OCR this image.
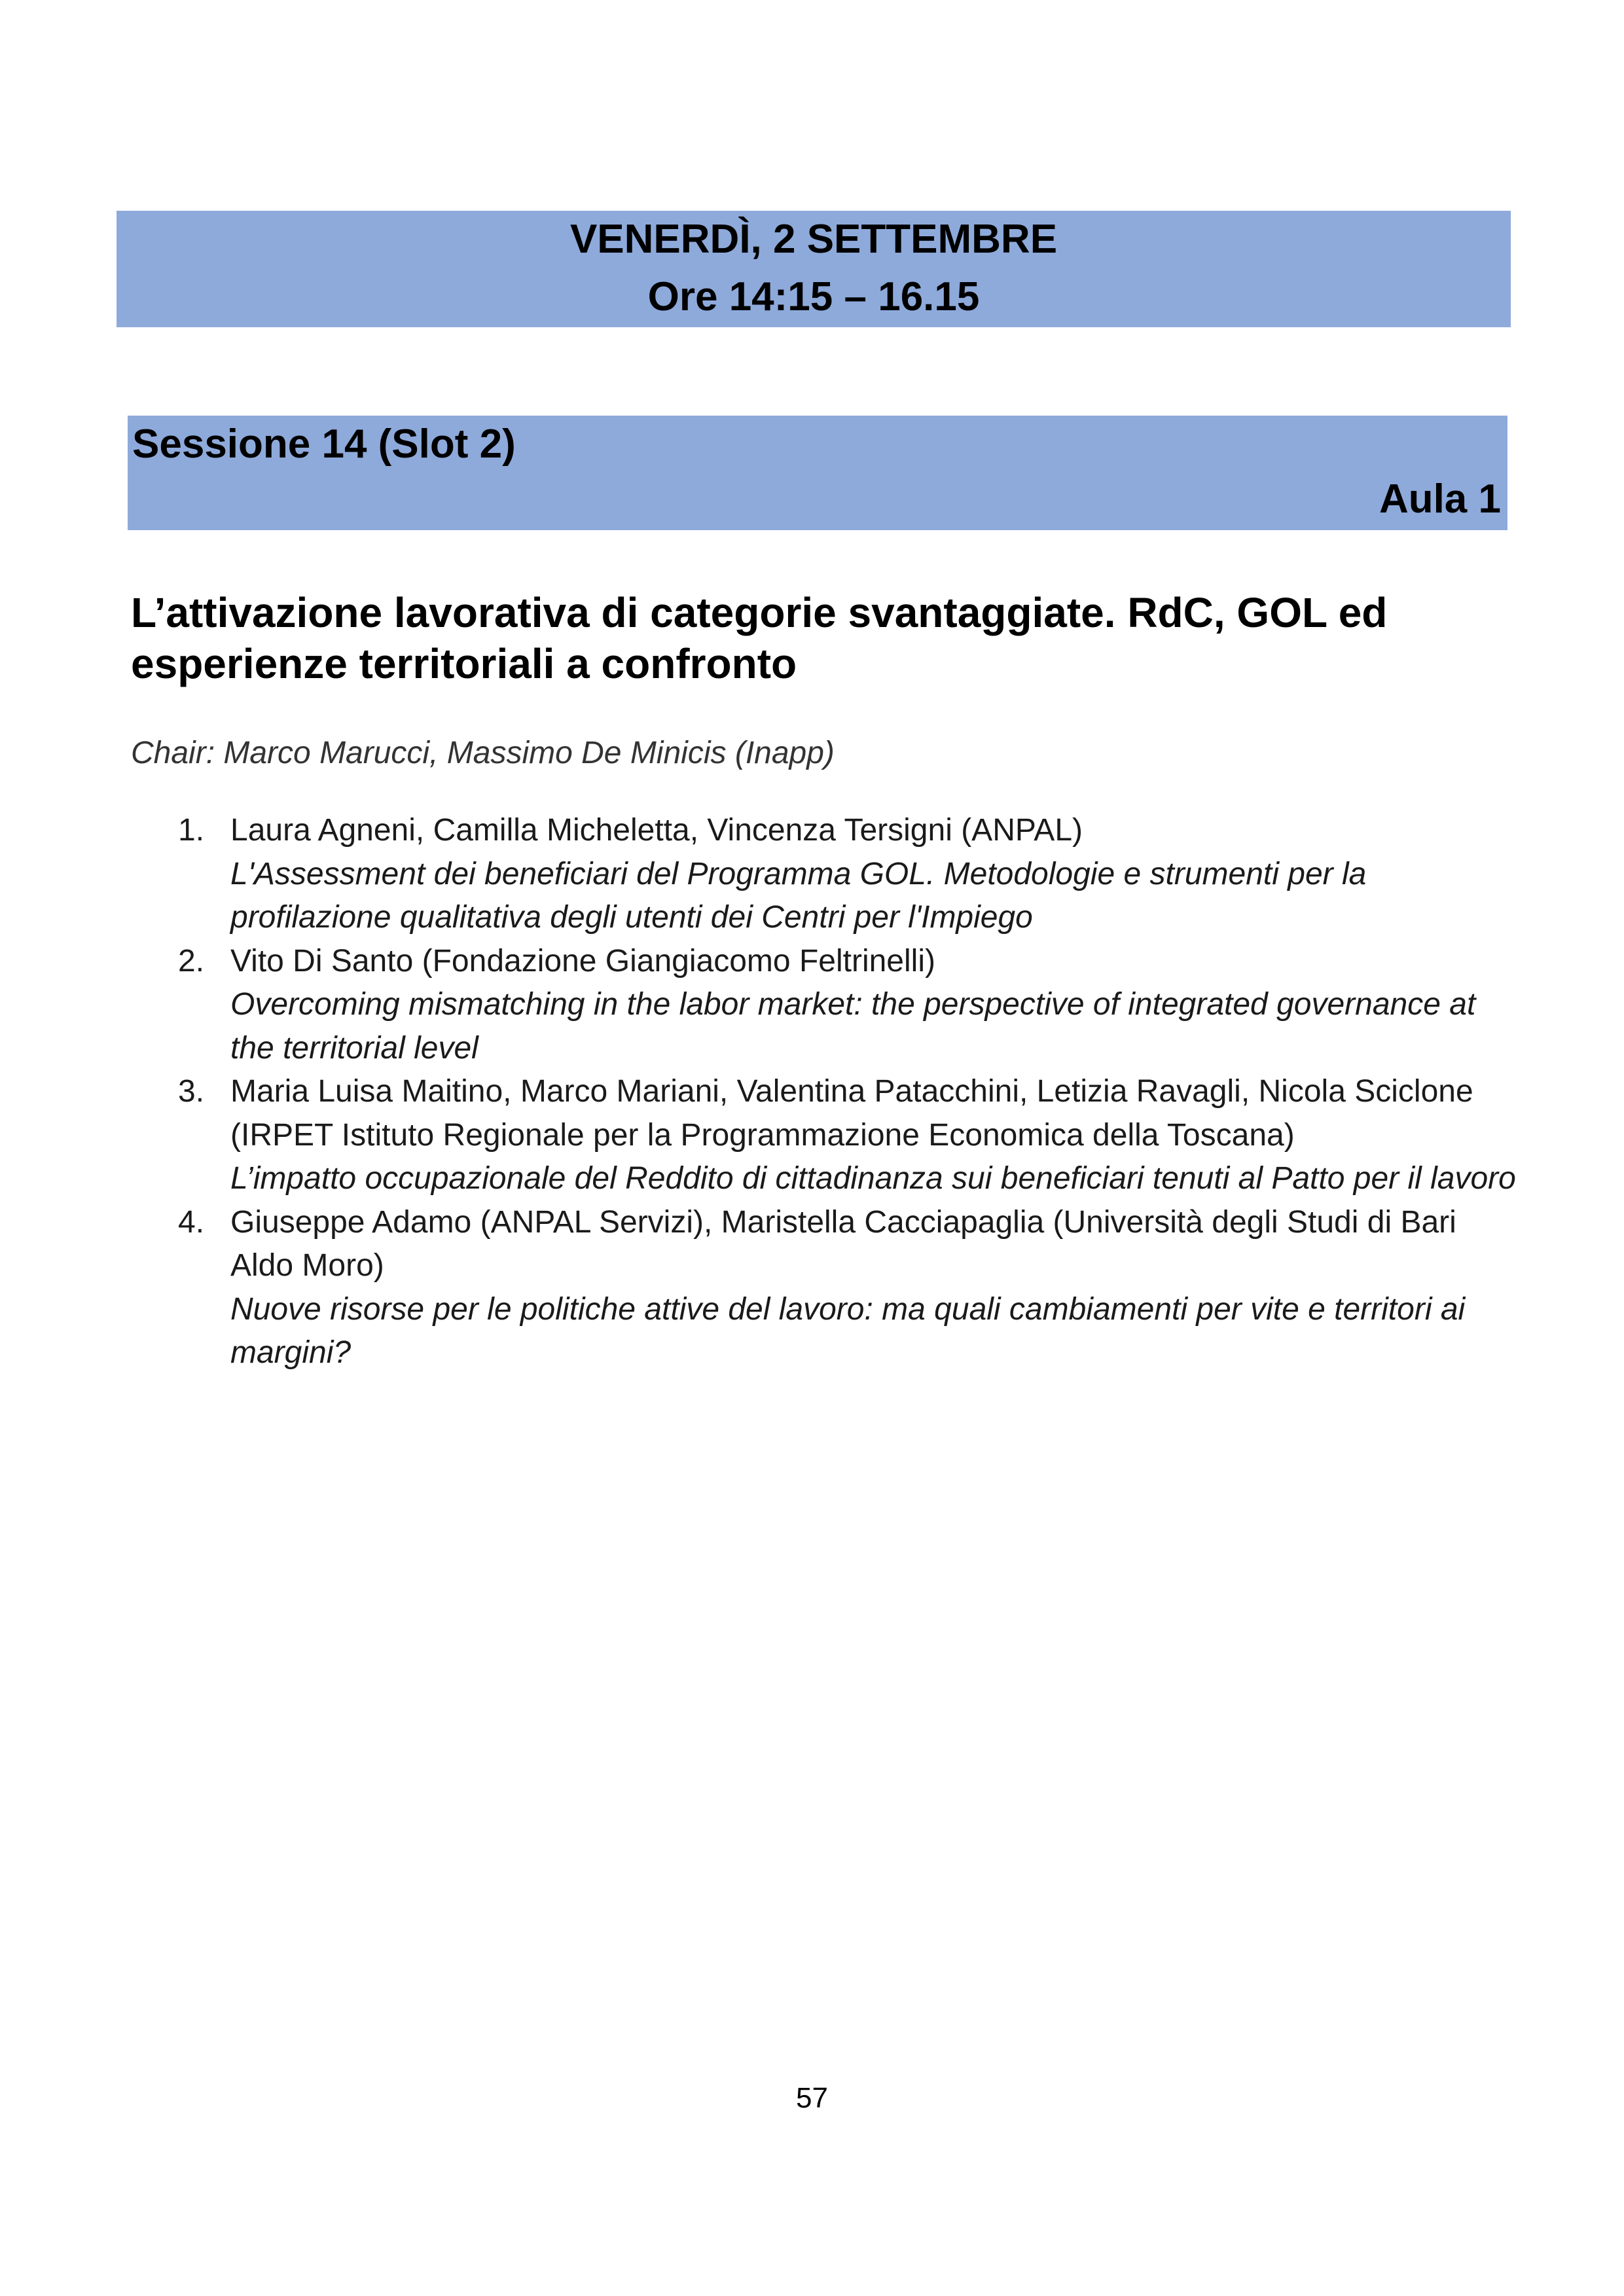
VENERDÌ, 2 SETTEMBRE
Ore 14:15 – 16.15
Sessione 14 (Slot 2)
Aula 1
L’attivazione lavorativa di categorie svantaggiate. RdC, GOL ed
esperienze territoriali a confronto
Chair: Marco Marucci, Massimo De Minicis (Inapp)
1. Laura Agneni, Camilla Micheletta, Vincenza Tersigni (ANPAL)
L'Assessment dei beneficiari del Programma GOL. Metodologie e strumenti per la profilazione qualitativa degli utenti dei Centri per l'Impiego
2. Vito Di Santo (Fondazione Giangiacomo Feltrinelli)
Overcoming mismatching in the labor market: the perspective of integrated governance at the territorial level
3. Maria Luisa Maitino, Marco Mariani, Valentina Patacchini, Letizia Ravagli, Nicola Sciclone (IRPET Istituto Regionale per la Programmazione Economica della Toscana)
L’impatto occupazionale del Reddito di cittadinanza sui beneficiari tenuti al Patto per il lavoro
4. Giuseppe Adamo (ANPAL Servizi), Maristella Cacciapaglia (Università degli Studi di Bari Aldo Moro)
Nuove risorse per le politiche attive del lavoro: ma quali cambiamenti per vite e territori ai margini?
57
